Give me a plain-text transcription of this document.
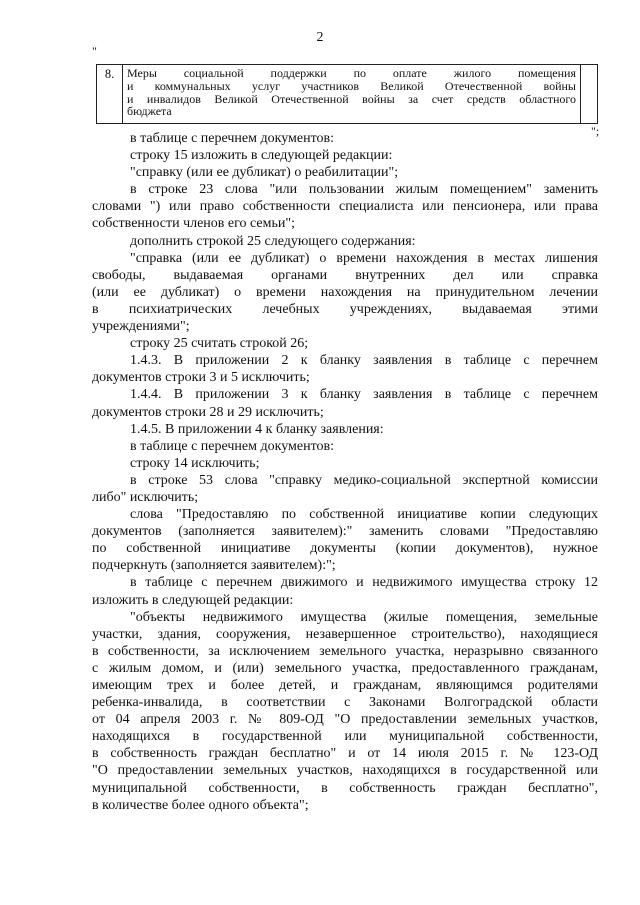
2
"
8.	Меры социальной поддержки по оплате жилого помещения
и коммунальных услуг участников Великой Отечественной войны
и инвалидов Великой Отечественной войны за счет средств областного
бюджета
";
в таблице с перечнем документов:
строку 15 изложить в следующей редакции:
"справку (или ее дубликат) о реабилитации";
в строке 23 слова "или пользовании жилым помещением" заменить
словами ") или право собственности специалиста или пенсионера, или права
собственности членов его семьи";
дополнить строкой 25 следующего содержания:
"справка (или ее дубликат) о времени нахождения в местах лишения
свободы, выдаваемая органами внутренних дел или справка
(или ее дубликат) о времени нахождения на принудительном лечении
в психиатрических лечебных учреждениях, выдаваемая этими
учреждениями";
строку 25 считать строкой 26;
1.4.3. В приложении 2 к бланку заявления в таблице с перечнем
документов строки 3 и 5 исключить;
1.4.4. В приложении 3 к бланку заявления в таблице с перечнем
документов строки 28 и 29 исключить;
1.4.5. В приложении 4 к бланку заявления:
в таблице с перечнем документов:
строку 14 исключить;
в строке 53 слова "справку медико-социальной экспертной комиссии
либо" исключить;
слова "Предоставляю по собственной инициативе копии следующих
документов (заполняется заявителем):" заменить словами "Предоставляю
по собственной инициативе документы (копии документов), нужное
подчеркнуть (заполняется заявителем):";
в таблице с перечнем движимого и недвижимого имущества строку 12
изложить в следующей редакции:
"объекты недвижимого имущества (жилые помещения, земельные
участки, здания, сооружения, незавершенное строительство), находящиеся
в собственности, за исключением земельного участка, неразрывно связанного
с жилым домом, и (или) земельного участка, предоставленного гражданам,
имеющим трех и более детей, и гражданам, являющимся родителями
ребенка-инвалида, в соответствии с Законами Волгоградской области
от 04 апреля 2003 г. № 809-ОД "О предоставлении земельных участков,
находящихся в государственной или муниципальной собственности,
в собственность граждан бесплатно" и от 14 июля 2015 г. № 123-ОД
"О предоставлении земельных участков, находящихся в государственной или
муниципальной собственности, в собственность граждан бесплатно",
в количестве более одного объекта";
